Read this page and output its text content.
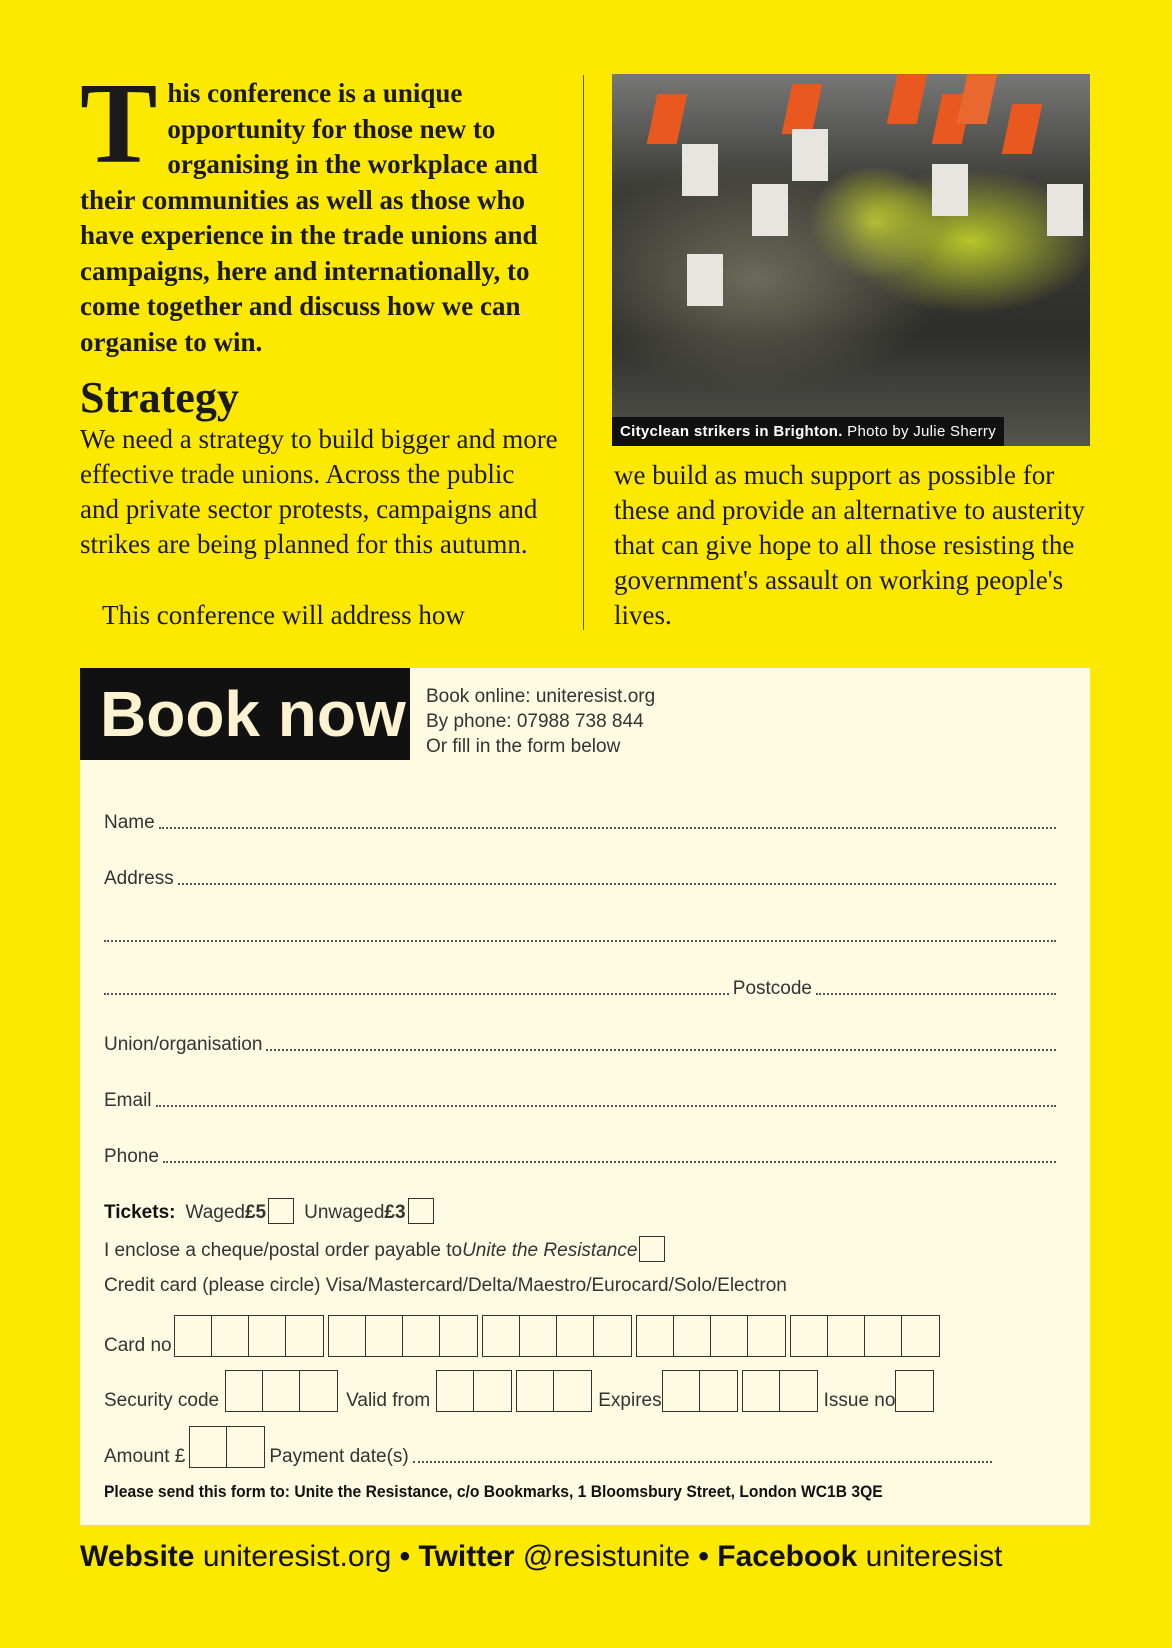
This conference is a unique opportunity for those new to organising in the workplace and their communities as well as those who have experience in the trade unions and campaigns, here and internationally, to come together and discuss how we can organise to win.
Strategy

We need a strategy to build bigger and more effective trade unions. Across the public and private sector protests, campaigns and strikes are being planned for this autumn.

This conference will address how

Cityclean strikers in Brighton. Photo by Julie Sherry

we build as much support as possible for these and provide an alternative to austerity that can give hope to all those resisting the government's assault on working people's lives.

Book now Book online: uniteresist.org
By phone: 07988 738 844
Or fill in the form below
Name
Address
Postcode
Union/organisation
Email
Phone
Tickets: Waged £5 Unwaged £3
I enclose a cheque/postal order payable to Unite the Resistance
Credit card (please circle) Visa/Mastercard/Delta/Maestro/Eurocard/Solo/Electron
Card no
Security code	Valid from	Expires	Issue no
Amount £	Payment date(s)
Please send this form to: Unite the Resistance, c/o Bookmarks, 1 Bloomsbury Street, London WC1B 3QE
Website uniteresist.org • Twitter @resistunite • Facebook uniteresist
